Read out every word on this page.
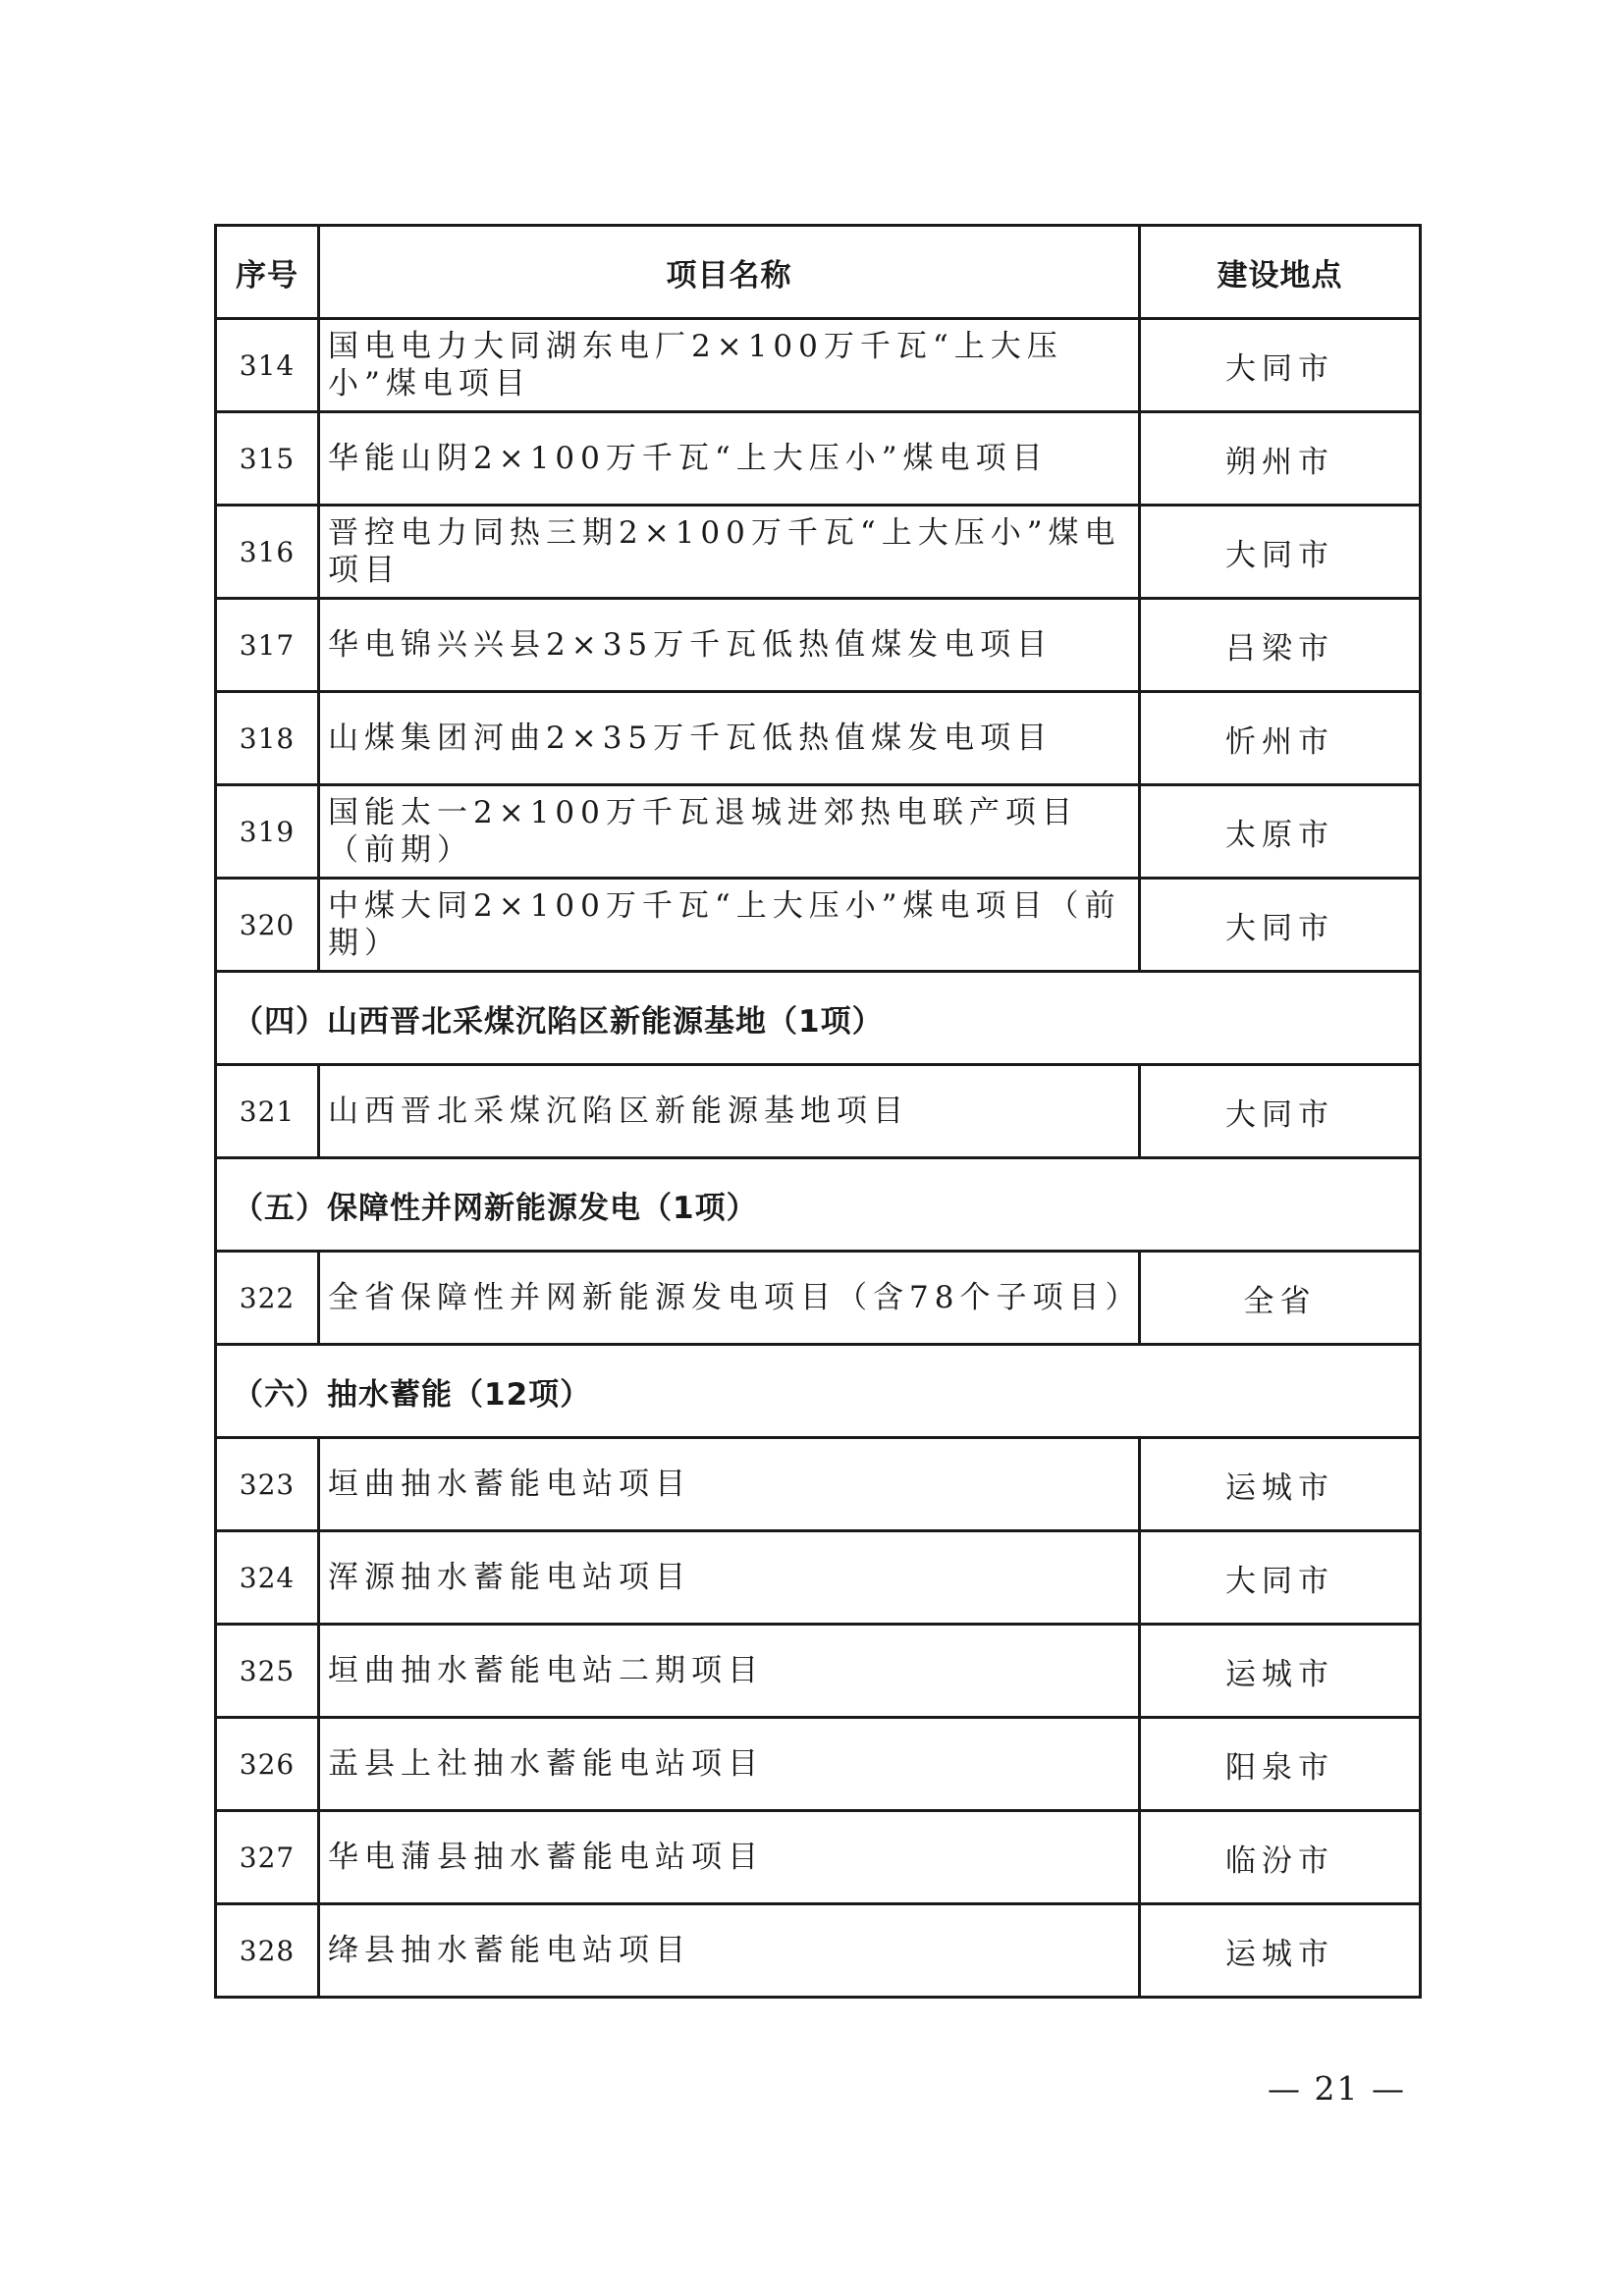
序号	项目名称	建设地点
314	国电电力大同湖东电厂2×100万千瓦“上大压小”煤电项目	大同市
315	华能山阴2×100万千瓦“上大压小”煤电项目	朔州市
316	晋控电力同热三期2×100万千瓦“上大压小”煤电项目	大同市
317	华电锦兴兴县2×35万千瓦低热值煤发电项目	吕梁市
318	山煤集团河曲2×35万千瓦低热值煤发电项目	忻州市
319	国能太一2×100万千瓦退城进郊热电联产项目（前期）	太原市
320	中煤大同2×100万千瓦“上大压小”煤电项目（前期）	大同市
（四）山西晋北采煤沉陷区新能源基地（1项）		
321	山西晋北采煤沉陷区新能源基地项目	大同市
（五）保障性并网新能源发电（1项）		
322	全省保障性并网新能源发电项目（含78个子项目）	全省
（六）抽水蓄能（12项）		
323	垣曲抽水蓄能电站项目	运城市
324	浑源抽水蓄能电站项目	大同市
325	垣曲抽水蓄能电站二期项目	运城市
326	盂县上社抽水蓄能电站项目	阳泉市
327	华电蒲县抽水蓄能电站项目	临汾市
328	绛县抽水蓄能电站项目	运城市
— 21 —
